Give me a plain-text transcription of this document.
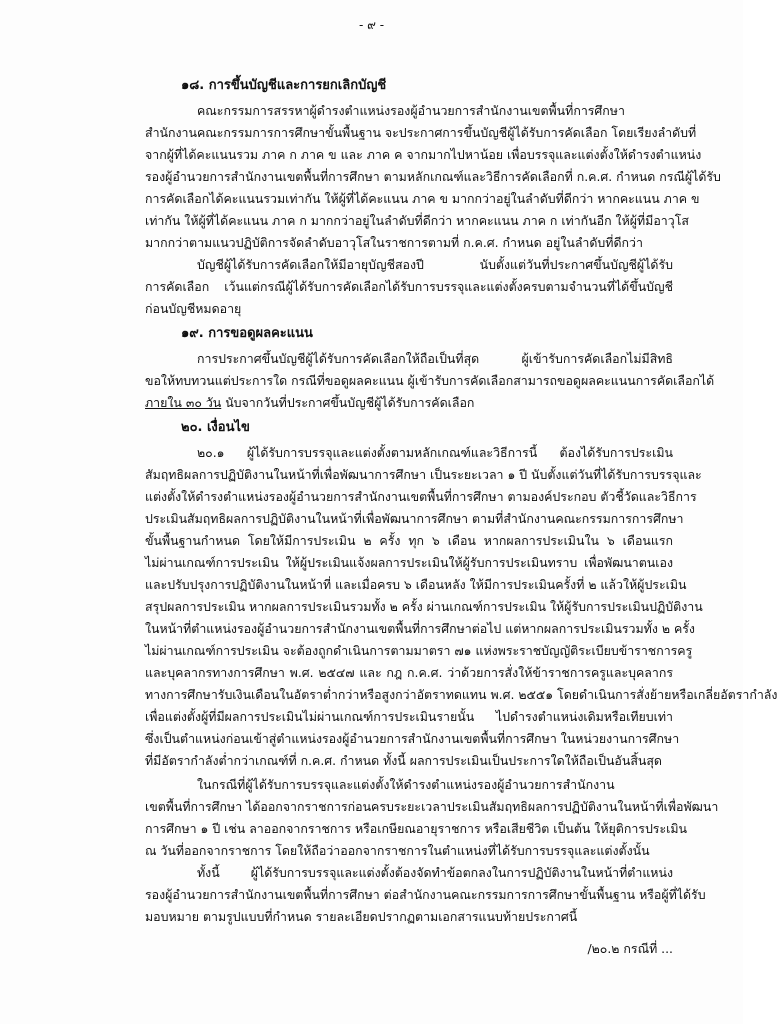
- ๙ -
๑๘. การขึ้นบัญชีและการยกเลิกบัญชี
คณะกรรมการสรรหาผู้ดำรงตำแหน่งรองผู้อำนวยการสำนักงานเขตพื้นที่การศึกษา
สำนักงานคณะกรรมการการศึกษาขั้นพื้นฐาน จะประกาศการขึ้นบัญชีผู้ได้รับการคัดเลือก โดยเรียงลำดับที่
จากผู้ที่ได้คะแนนรวม ภาค ก ภาค ข และ ภาค ค จากมากไปหาน้อย เพื่อบรรจุและแต่งตั้งให้ดำรงตำแหน่ง
รองผู้อำนวยการสำนักงานเขตพื้นที่การศึกษา ตามหลักเกณฑ์และวิธีการคัดเลือกที่ ก.ค.ศ. กำหนด กรณีผู้ได้รับ
การคัดเลือกได้คะแนนรวมเท่ากัน ให้ผู้ที่ได้คะแนน ภาค ข มากกว่าอยู่ในลำดับที่ดีกว่า หากคะแนน ภาค ข
เท่ากัน ให้ผู้ที่ได้คะแนน ภาค ก มากกว่าอยู่ในลำดับที่ดีกว่า หากคะแนน ภาค ก เท่ากันอีก ให้ผู้ที่มีอาวุโส
มากกว่าตามแนวปฏิบัติการจัดลำดับอาวุโสในราชการตามที่ ก.ค.ศ. กำหนด อยู่ในลำดับที่ดีกว่า
บัญชีผู้ได้รับการคัดเลือกให้มีอายุบัญชีสองปี นับตั้งแต่วันที่ประกาศขึ้นบัญชีผู้ได้รับ
การคัดเลือก เว้นแต่กรณีผู้ได้รับการคัดเลือกได้รับการบรรจุและแต่งตั้งครบตามจำนวนที่ได้ขึ้นบัญชี
ก่อนบัญชีหมดอายุ
๑๙. การขอดูผลคะแนน
การประกาศขึ้นบัญชีผู้ได้รับการคัดเลือกให้ถือเป็นที่สุด ผู้เข้ารับการคัดเลือกไม่มีสิทธิ
ขอให้ทบทวนแต่ประการใด กรณีที่ขอดูผลคะแนน ผู้เข้ารับการคัดเลือกสามารถขอดูผลคะแนนการคัดเลือกได้
ภายใน ๓๐ วัน นับจากวันที่ประกาศขึ้นบัญชีผู้ได้รับการคัดเลือก
๒๐. เงื่อนไข
๒๐.๑ ผู้ได้รับการบรรจุและแต่งตั้งตามหลักเกณฑ์และวิธีการนี้ ต้องได้รับการประเมิน
สัมฤทธิผลการปฏิบัติงานในหน้าที่เพื่อพัฒนาการศึกษา เป็นระยะเวลา ๑ ปี นับตั้งแต่วันที่ได้รับการบรรจุและ
แต่งตั้งให้ดำรงตำแหน่งรองผู้อำนวยการสำนักงานเขตพื้นที่การศึกษา ตามองค์ประกอบ ตัวชี้วัดและวิธีการ
ประเมินสัมฤทธิผลการปฏิบัติงานในหน้าที่เพื่อพัฒนาการศึกษา ตามที่สำนักงานคณะกรรมการการศึกษา
ขั้นพื้นฐานกำหนด โดยให้มีการประเมิน ๒ ครั้ง ทุก ๖ เดือน หากผลการประเมินใน ๖ เดือนแรก
ไม่ผ่านเกณฑ์การประเมิน ให้ผู้ประเมินแจ้งผลการประเมินให้ผู้รับการประเมินทราบ เพื่อพัฒนาตนเอง
และปรับปรุงการปฏิบัติงานในหน้าที่ และเมื่อครบ ๖ เดือนหลัง ให้มีการประเมินครั้งที่ ๒ แล้วให้ผู้ประเมิน
สรุปผลการประเมิน หากผลการประเมินรวมทั้ง ๒ ครั้ง ผ่านเกณฑ์การประเมิน ให้ผู้รับการประเมินปฏิบัติงาน
ในหน้าที่ตำแหน่งรองผู้อำนวยการสำนักงานเขตพื้นที่การศึกษาต่อไป แต่หากผลการประเมินรวมทั้ง ๒ ครั้ง
ไม่ผ่านเกณฑ์การประเมิน จะต้องถูกดำเนินการตามมาตรา ๗๑ แห่งพระราชบัญญัติระเบียบข้าราชการครู
และบุคลากรทางการศึกษา พ.ศ. ๒๕๔๗ และ กฎ ก.ค.ศ. ว่าด้วยการสั่งให้ข้าราชการครูและบุคลากร
ทางการศึกษารับเงินเดือนในอัตราต่ำกว่าหรือสูงกว่าอัตราทดแทน พ.ศ. ๒๕๕๑ โดยดำเนินการสั่งย้ายหรือเกลี่ยอัตรากำลัง
เพื่อแต่งตั้งผู้ที่มีผลการประเมินไม่ผ่านเกณฑ์การประเมินรายนั้น ไปดำรงตำแหน่งเดิมหรือเทียบเท่า
ซึ่งเป็นตำแหน่งก่อนเข้าสู่ตำแหน่งรองผู้อำนวยการสำนักงานเขตพื้นที่การศึกษา ในหน่วยงานการศึกษา
ที่มีอัตรากำลังต่ำกว่าเกณฑ์ที่ ก.ค.ศ. กำหนด ทั้งนี้ ผลการประเมินเป็นประการใดให้ถือเป็นอันสิ้นสุด
ในกรณีที่ผู้ได้รับการบรรจุและแต่งตั้งให้ดำรงตำแหน่งรองผู้อำนวยการสำนักงาน
เขตพื้นที่การศึกษา ได้ออกจากราชการก่อนครบระยะเวลาประเมินสัมฤทธิผลการปฏิบัติงานในหน้าที่เพื่อพัฒนา
การศึกษา ๑ ปี เช่น ลาออกจากราชการ หรือเกษียณอายุราชการ หรือเสียชีวิต เป็นต้น ให้ยุติการประเมิน
ณ วันที่ออกจากราชการ โดยให้ถือว่าออกจากราชการในตำแหน่งที่ได้รับการบรรจุและแต่งตั้งนั้น
ทั้งนี้ ผู้ได้รับการบรรจุและแต่งตั้งต้องจัดทำข้อตกลงในการปฏิบัติงานในหน้าที่ตำแหน่ง
รองผู้อำนวยการสำนักงานเขตพื้นที่การศึกษา ต่อสำนักงานคณะกรรมการการศึกษาขั้นพื้นฐาน หรือผู้ที่ได้รับ
มอบหมาย ตามรูปแบบที่กำหนด รายละเอียดปรากฏตามเอกสารแนบท้ายประกาศนี้
/๒๐.๒ กรณีที่ ...
